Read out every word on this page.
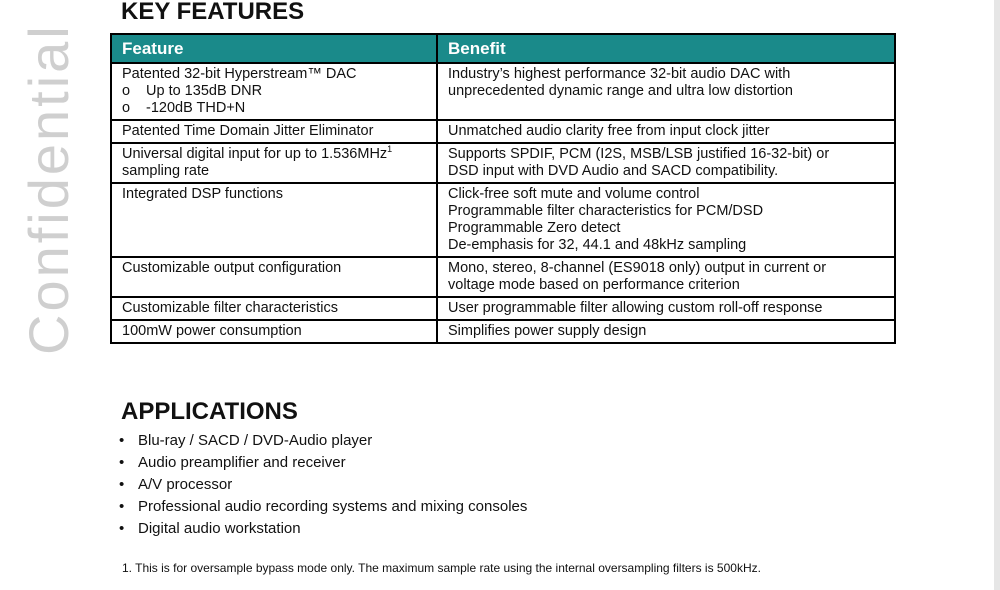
Confidential
KEY FEATURES
Feature	Benefit

Patented 32-bit Hyperstream™ DAC
o Up to 135dB DNR
o -120dB THD+N	Industry’s highest performance 32-bit audio DAC with
unprecedented dynamic range and ultra low distortion

Patented Time Domain Jitter Eliminator	Unmatched audio clarity free from input clock jitter

Universal digital input for up to 1.536MHz$^1$
sampling rate	Supports SPDIF, PCM (I2S, MSB/LSB justified 16-32-bit) or
DSD input with DVD Audio and SACD compatibility.

Integrated DSP functions	Click-free soft mute and volume control
Programmable filter characteristics for PCM/DSD
Programmable Zero detect
De-emphasis for 32, 44.1 and 48kHz sampling

Customizable output configuration	Mono, stereo, 8-channel (ES9018 only) output in current or
voltage mode based on performance criterion

Customizable filter characteristics	User programmable filter allowing custom roll-off response

100mW power consumption	Simplifies power supply design
APPLICATIONS
• Blu-ray / SACD / DVD-Audio player
• Audio preamplifier and receiver
• A/V processor
• Professional audio recording systems and mixing consoles
• Digital audio workstation
1. This is for oversample bypass mode only. The maximum sample rate using the internal oversampling filters is 500kHz.
